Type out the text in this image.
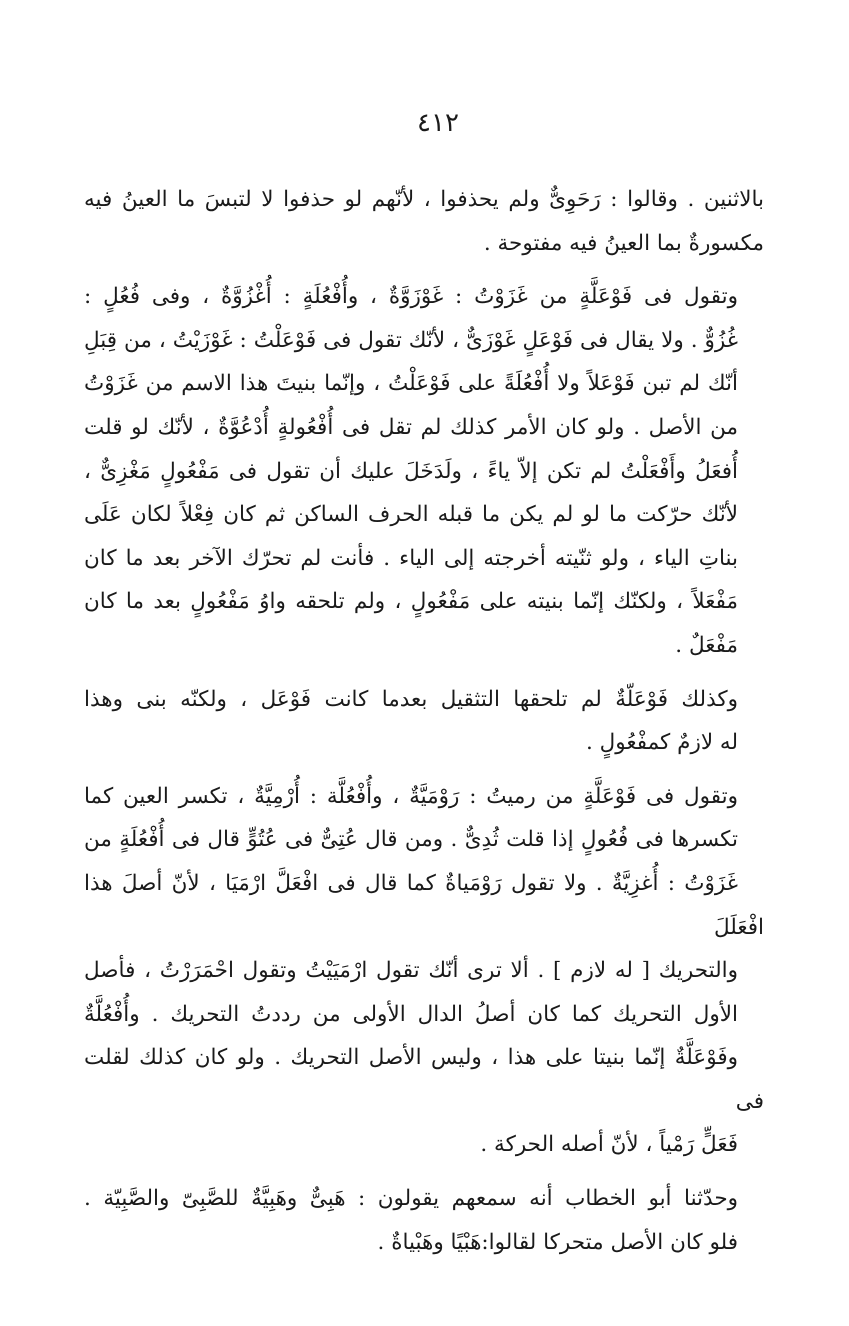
٤١٢

بالاثنين . وقالوا : رَحَوِىٌّ ولم يحذفوا ، لأنّهم لو حذفوا لا لتبسَ ما العينُ فيه
مكسورةٌ بما العينُ فيه مفتوحة .

وتقول فى فَوْعَلَّةٍ من غَزَوْتُ : غَوْزَوَّةٌ ، وأُفْعُلَةٍ : أُغْزُوَّةٌ ، وفى فُعُلٍ :
غُزُوٌّ . ولا يقال فى فَوْعَلٍ غَوْزَىٌّ ، لأنّك تقول فى فَوْعَلْتُ : غَوْزَيْتُ ، من قِبَلِ
أنّك لم تبن فَوْعَلاً ولا أُفْعُلَةً على فَوْعَلْتُ ، وإنّما بنيتَ هذا الاسم من غَزَوْتُ
من الأصل . ولو كان الأمر كذلك لم تقل فى أُفْعُولةٍ أُدْعُوَّةٌ ، لأنّك لو قلت
أُفعَلُ وأَفْعَلْتُ لم تكن إلاّ ياءً ، ولَدَخَلَ عليك أن تقول فى مَفْعُولٍ مَغْزِىٌّ ،
لأنّك حرّكت ما لو لم يكن ما قبله الحرف الساكن ثم كان فِعْلاً لكان عَلَى
بناتِ الياء ، ولو ثنّيته أخرجته إلى الياء . فأنت لم تحرّك الآخر بعد ما كان
مَفْعَلاً ، ولكنّك إنّما بنيته على مَفْعُولٍ ، ولم تلحقه واوُ مَفْعُولٍ بعد ما كان
مَفْعَلٌ .

وكذلك فَوْعَلّةٌ لم تلحقها التثقيل بعدما كانت فَوْعَل ، ولكنّه بنى وهذا
له لازمٌ كمفْعُولٍ .

وتقول فى فَوْعَلَّةٍ من رميتُ : رَوْمَيَّةٌ ، وأُفْعُلَّة : أُرْمِيَّةٌ ، تكسر العين كما
تكسرها فى فُعُولٍ إذا قلت ثُدِىٌّ . ومن قال عُتِىٌّ فى عُتُوٍّ قال فى أُفْعُلَةٍ من
غَزَوْتُ : أُغزِيَّةٌ . ولا تقول رَوْمَياةٌ كما قال فى افْعَلَّ ارْمَيَا ، لأنّ أصلَ هذا افْعَلَلَ
والتحريك [ له لازم ] . ألا ترى أنّك تقول ارْمَيَيْتُ وتقول احْمَرَرْتُ ، فأصل
الأول التحريك كما كان أصلُ الدال الأولى من رددتُ التحريك . وأُفْعُلَّةٌ
وفَوْعَلَّةٌ إنّما بنيتا على هذا ، وليس الأصل التحريك . ولو كان كذلك لقلت فى
فَعَلٍّ رَمْياً ، لأنّ أصله الحركة .

وحدّثنا أبو الخطاب أنه سمعهم يقولون : هَبِىٌّ وهَبِيَّةٌ للصَّبِىّ والصَّبِيّة .
فلو كان الأصل متحركا لقالوا:هَبْيًا وهَبْياةٌ .
